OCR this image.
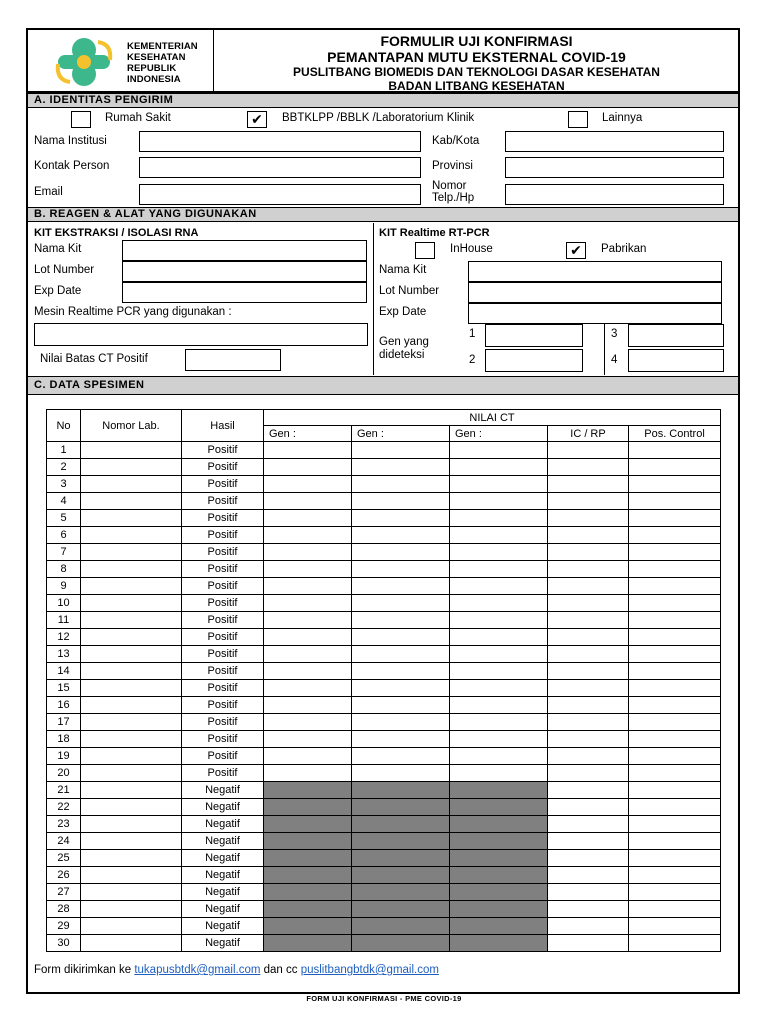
KEMENTERIAN
KESEHATAN
REPUBLIK
INDONESIA
FORMULIR UJI KONFIRMASI
PEMANTAPAN MUTU EKSTERNAL COVID-19
PUSLITBANG BIOMEDIS DAN TEKNOLOGI DASAR KESEHATAN
BADAN LITBANG KESEHATAN
A. IDENTITAS PENGIRIM
Rumah Sakit	✔	BBTKLPP /BBLK /Laboratorium Klinik	Lainnya
Nama Institusi
Kontak Person
Email
Kab/Kota
Provinsi
Nomor Telp./Hp
B. REAGEN & ALAT YANG DIGUNAKAN
KIT EKSTRAKSI / ISOLASI RNA
Nama Kit
Lot Number
Exp Date
Mesin Realtime PCR yang digunakan :
Nilai Batas CT Positif
KIT Realtime RT-PCR
InHouse	✔	Pabrikan
Nama Kit
Lot Number
Exp Date
Gen yang
dideteksi
1
2
3
4
C. DATA SPESIMEN
No	Nomor Lab.	Hasil	NILAI CT				
			Gen :	Gen :	Gen :	IC / RP	Pos. Control
1		Positif					
2		Positif					
3		Positif					
4		Positif					
5		Positif					
6		Positif					
7		Positif					
8		Positif					
9		Positif					
10		Positif					
11		Positif					
12		Positif					
13		Positif					
14		Positif					
15		Positif					
16		Positif					
17		Positif					
18		Positif					
19		Positif					
20		Positif					
21		Negatif					
22		Negatif					
23		Negatif					
24		Negatif					
25		Negatif					
26		Negatif					
27		Negatif					
28		Negatif					
29		Negatif					
30		Negatif					
Form dikirimkan ke tukapusbtdk@gmail.com dan cc puslitbangbtdk@gmail.com
FORM UJI KONFIRMASI - PME COVID-19
